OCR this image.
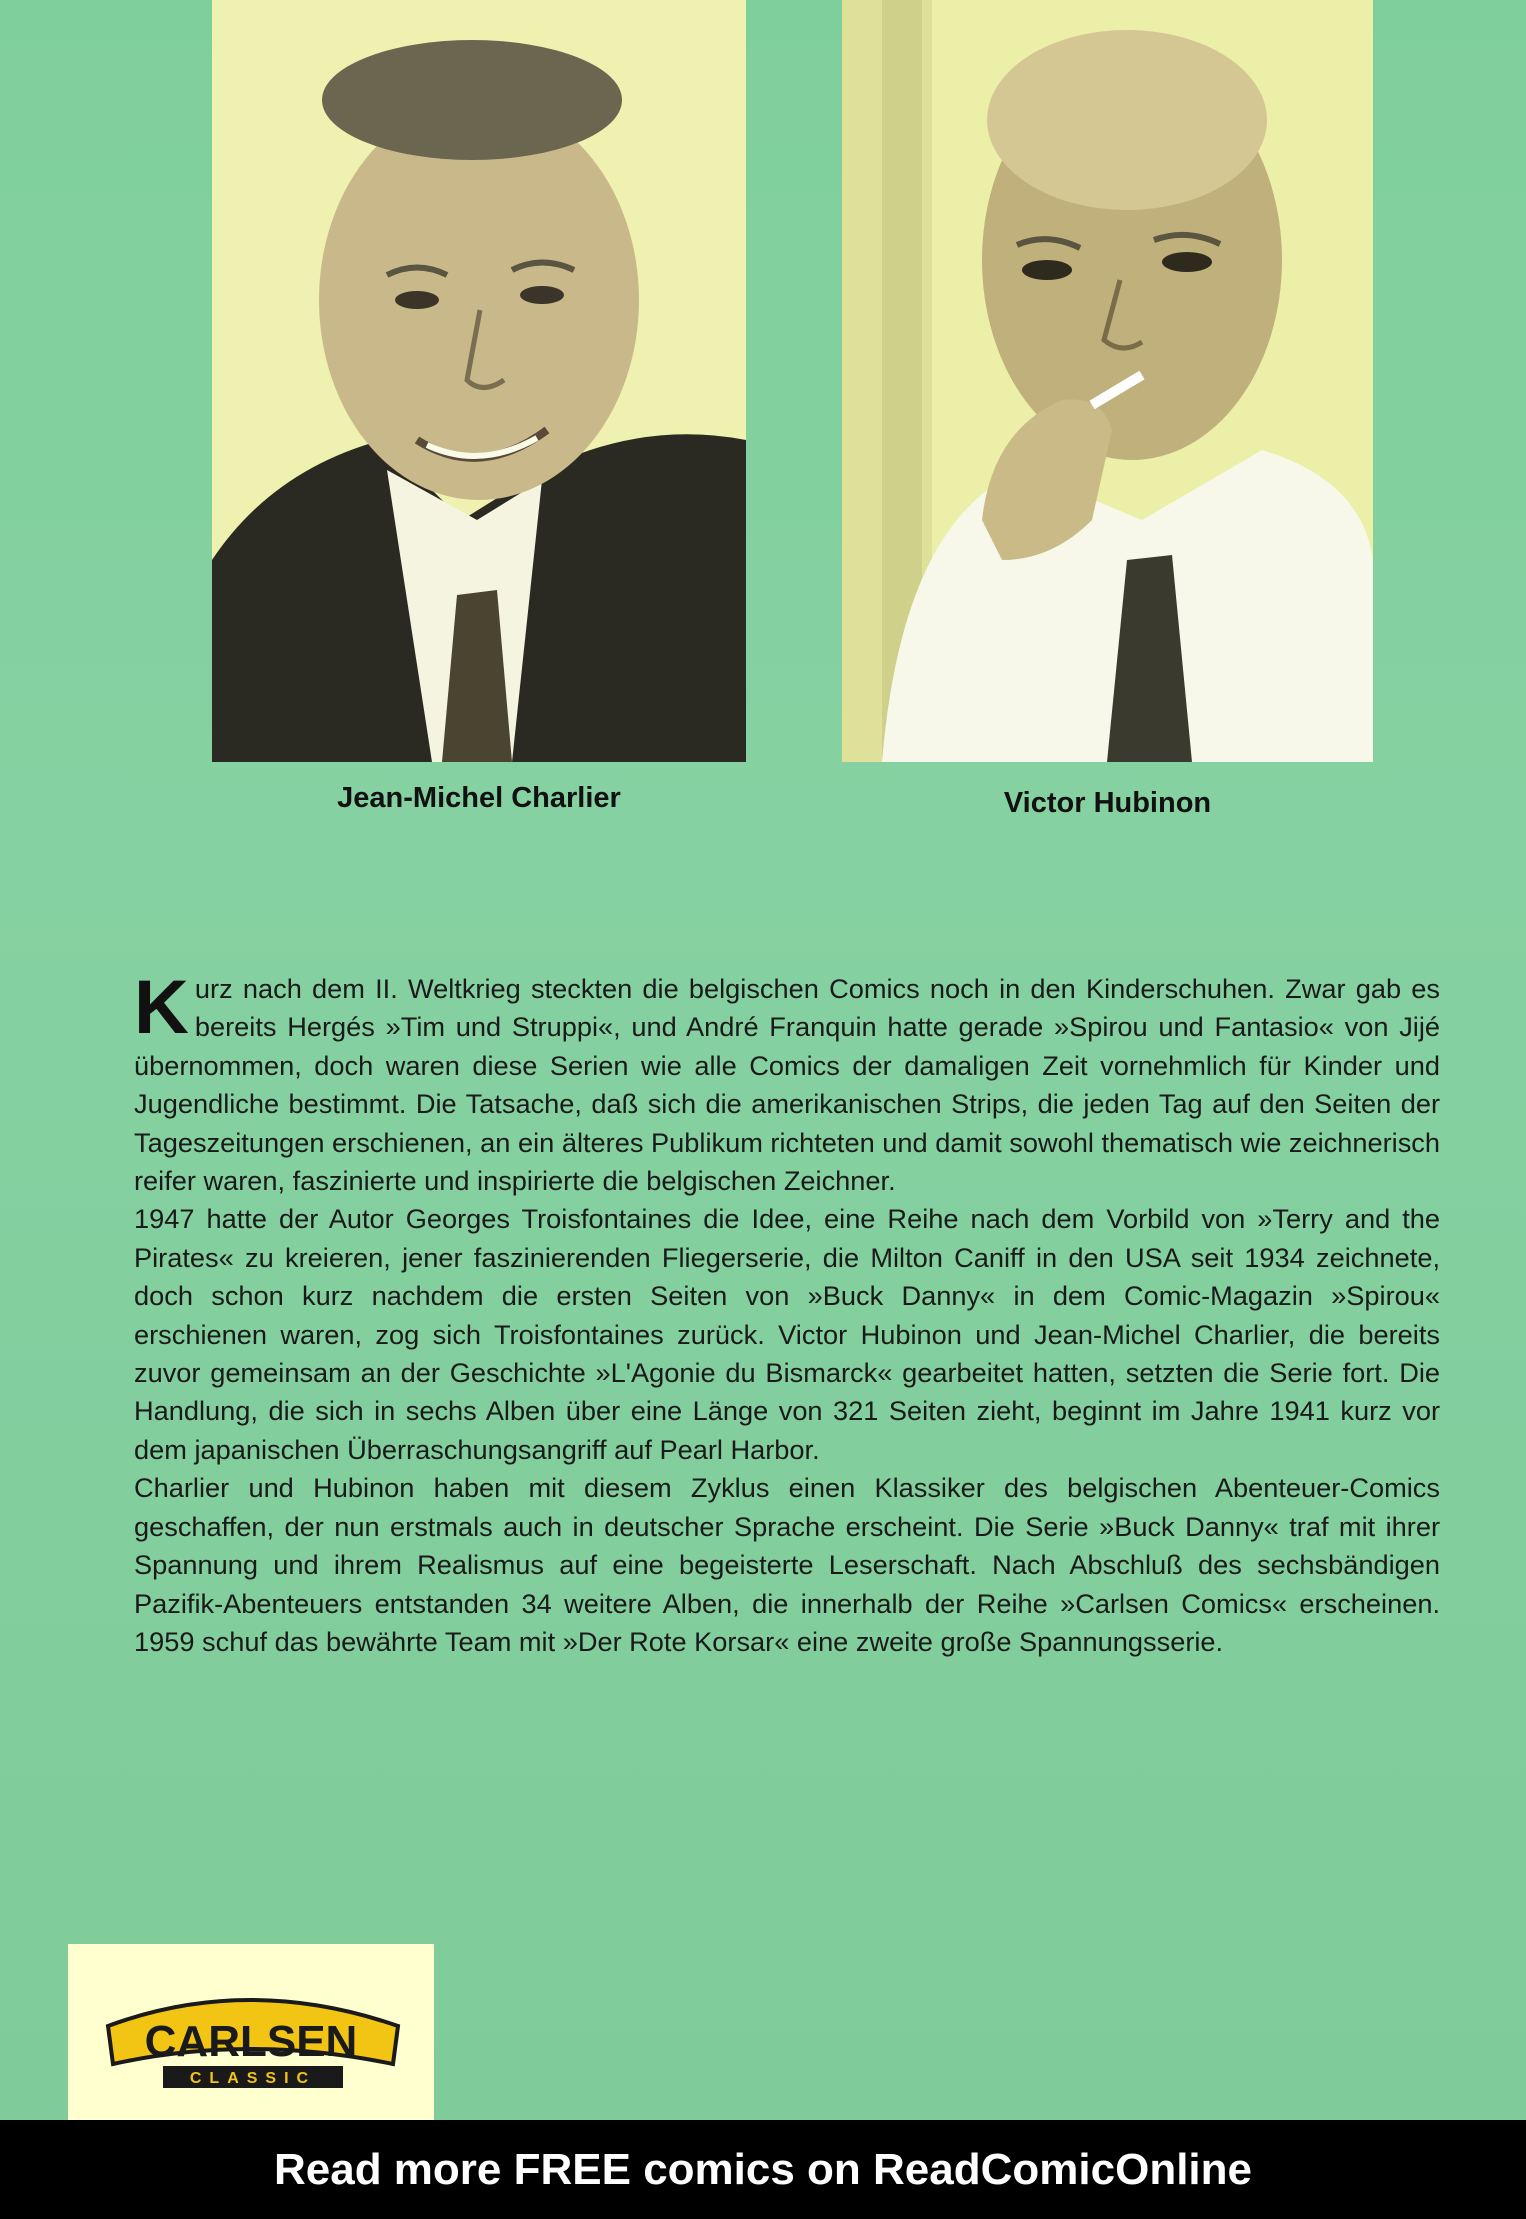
Jean-Michel Charlier	Victor Hubinon

Kurz nach dem II. Weltkrieg steckten die belgischen Comics noch in den Kinderschuhen. Zwar gab es bereits Hergés »Tim und Struppi«, und André Franquin hatte gerade »Spirou und Fantasio« von Jijé übernommen, doch waren diese Serien wie alle Comics der damaligen Zeit vornehmlich für Kinder und Jugendliche bestimmt. Die Tatsache, daß sich die amerikanischen Strips, die jeden Tag auf den Seiten der Tageszeitungen erschienen, an ein älteres Publikum richteten und damit sowohl thematisch wie zeichnerisch reifer waren, faszinierte und inspirierte die belgischen Zeichner.

1947 hatte der Autor Georges Troisfontaines die Idee, eine Reihe nach dem Vorbild von »Terry and the Pirates« zu kreieren, jener faszinierenden Fliegerserie, die Milton Caniff in den USA seit 1934 zeichnete, doch schon kurz nachdem die ersten Seiten von »Buck Danny« in dem Comic-Magazin »Spirou« erschienen waren, zog sich Troisfontaines zurück. Victor Hubinon und Jean-Michel Charlier, die bereits zuvor gemeinsam an der Geschichte »L'Agonie du Bismarck« gearbeitet hatten, setzten die Serie fort. Die Handlung, die sich in sechs Alben über eine Länge von 321 Seiten zieht, beginnt im Jahre 1941 kurz vor dem japanischen Überraschungsangriff auf Pearl Harbor.

Charlier und Hubinon haben mit diesem Zyklus einen Klassiker des belgischen Abenteuer-Comics geschaffen, der nun erstmals auch in deutscher Sprache erscheint. Die Serie »Buck Danny« traf mit ihrer Spannung und ihrem Realismus auf eine begeisterte Leserschaft. Nach Abschluß des sechsbändigen Pazifik-Abenteuers entstanden 34 weitere Alben, die innerhalb der Reihe »Carlsen Comics« erscheinen. 1959 schuf das bewährte Team mit »Der Rote Korsar« eine zweite große Spannungsserie.

CARLSEN
CLASSIC
Read more FREE comics on ReadComicOnline
